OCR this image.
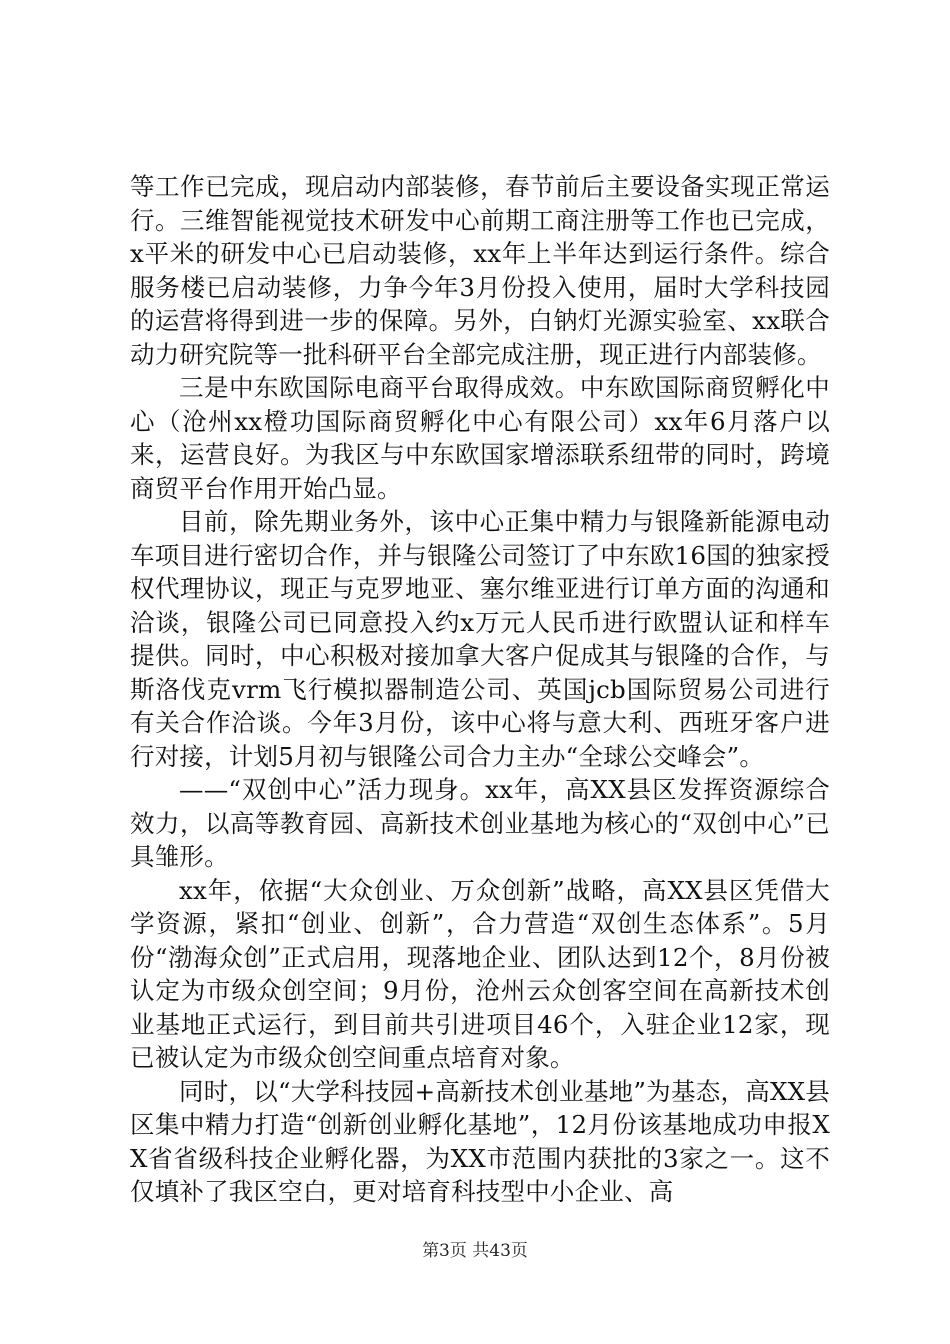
等工作已完成，现启动内部装修，春节前后主要设备实现正常运行。三维智能视觉技术研发中心前期工商注册等工作也已完成，x平米的研发中心已启动装修，xx年上半年达到运行条件。综合服务楼已启动装修，力争今年3月份投入使用，届时大学科技园的运营将得到进一步的保障。另外，白钠灯光源实验室、xx联合动力研究院等一批科研平台全部完成注册，现正进行内部装修。

三是中东欧国际电商平台取得成效。中东欧国际商贸孵化中心（沧州xx橙功国际商贸孵化中心有限公司）xx年6月落户以来，运营良好。为我区与中东欧国家增添联系纽带的同时，跨境商贸平台作用开始凸显。

目前，除先期业务外，该中心正集中精力与银隆新能源电动车项目进行密切合作，并与银隆公司签订了中东欧16国的独家授权代理协议，现正与克罗地亚、塞尔维亚进行订单方面的沟通和洽谈，银隆公司已同意投入约x万元人民币进行欧盟认证和样车提供。同时，中心积极对接加拿大客户促成其与银隆的合作，与斯洛伐克vrm飞行模拟器制造公司、英国jcb国际贸易公司进行有关合作洽谈。今年3月份，该中心将与意大利、西班牙客户进行对接，计划5月初与银隆公司合力主办“全球公交峰会”。

——“双创中心”活力现身。xx年，高XX县区发挥资源综合效力，以高等教育园、高新技术创业基地为核心的“双创中心”已具雏形。

xx年，依据“大众创业、万众创新”战略，高XX县区凭借大学资源，紧扣“创业、创新”，合力营造“双创生态体系”。5月份“渤海众创”正式启用，现落地企业、团队达到12个，8月份被认定为市级众创空间；9月份，沧州云众创客空间在高新技术创业基地正式运行，到目前共引进项目46个，入驻企业12家，现已被认定为市级众创空间重点培育对象。

同时，以“大学科技园+高新技术创业基地”为基态，高XX县区集中精力打造“创新创业孵化基地”，12月份该基地成功申报XX省省级科技企业孵化器，为XX市范围内获批的3家之一。这不仅填补了我区空白，更对培育科技型中小企业、高

第3页 共43页
